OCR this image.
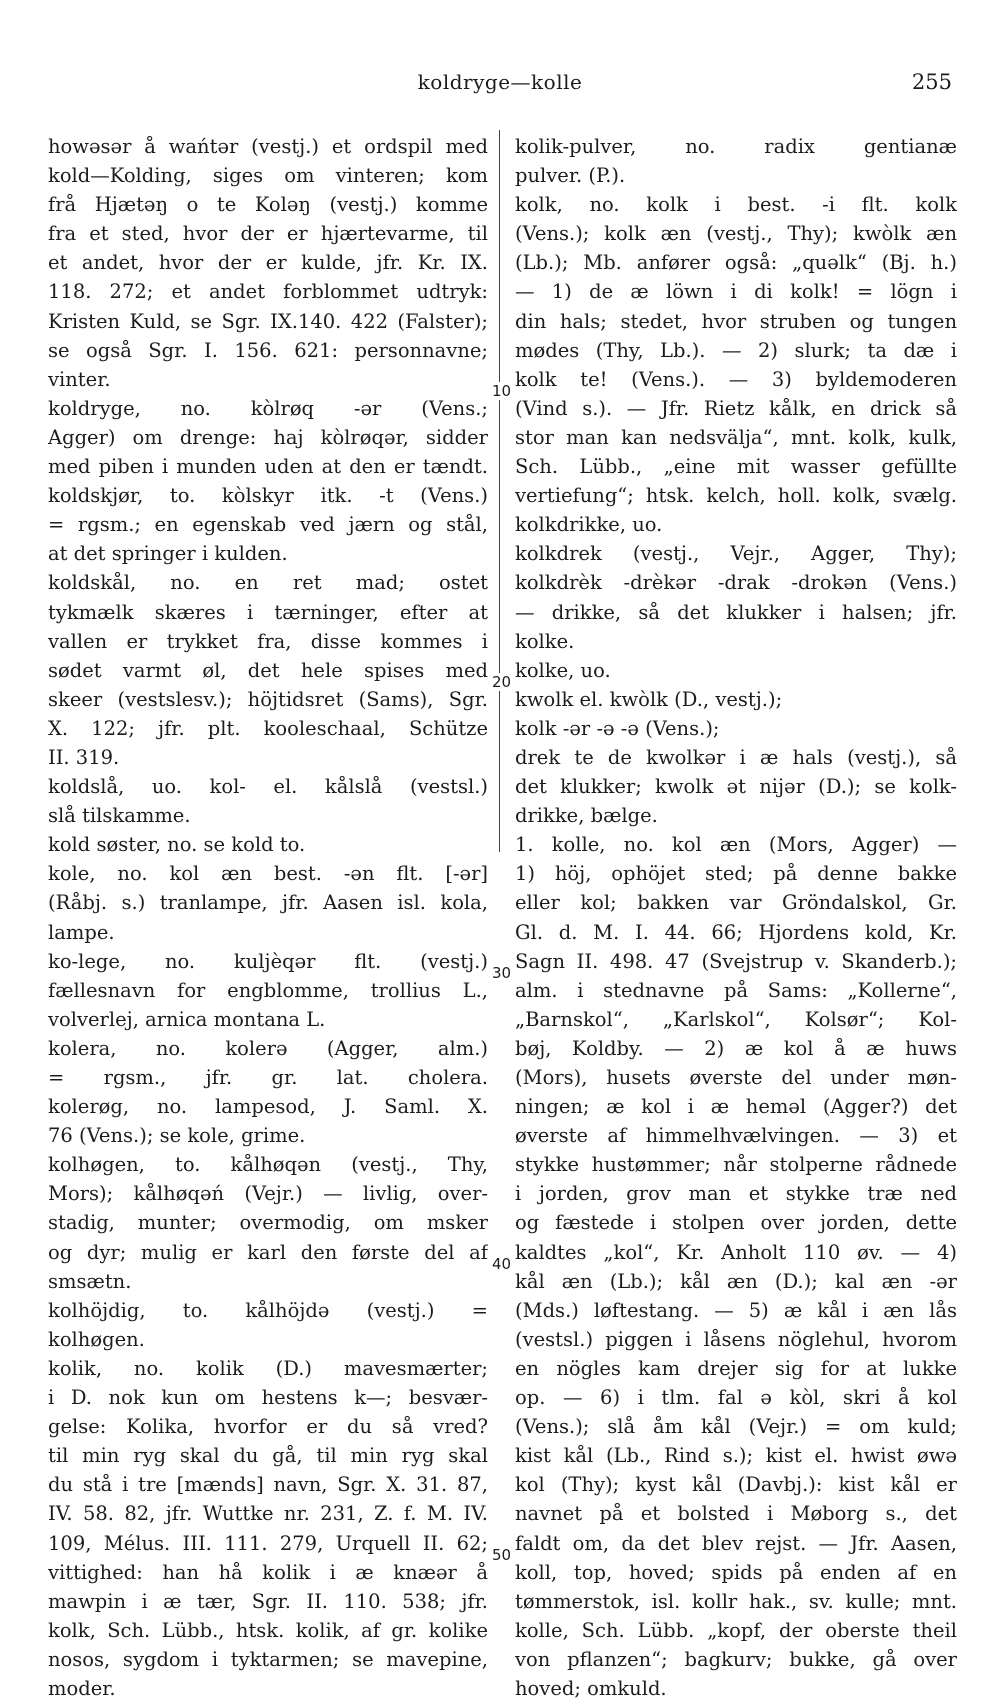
koldryge—kolle	255
10
20
30
40
50
howəsər å wańtər (vestj.) et ordspil med
kold—Kolding, siges om vinteren; kom
frå Hjætəŋ o te Koləŋ (vestj.) komme
fra et sted, hvor der er hjærtevarme, til
et andet, hvor der er kulde, jfr. Kr. IX.
118. 272; et andet forblommet udtryk:
Kristen Kuld, se Sgr. IX.140. 422 (Falster);
se også Sgr. I. 156. 621: personnavne;
vinter.
koldryge, no. kòlrøq -ər (Vens.;
Agger) om drenge: haj kòlrøqər, sidder
med piben i munden uden at den er tændt.
koldskjør, to. kòlskyr itk. -t (Vens.)
= rgsm.; en egenskab ved jærn og stål,
at det springer i kulden.
koldskål, no. en ret mad; ostet
tykmælk skæres i tærninger, efter at
vallen er trykket fra, disse kommes i
sødet varmt øl, det hele spises med
skeer (vestslesv.); höjtidsret (Sams), Sgr.
X. 122; jfr. plt. kooleschaal, Schütze
II. 319.
koldslå, uo. kol- el. kålslå (vestsl.)
slå tilskamme.
kold søster, no. se kold to.
kole, no. kol æn best. -ən flt. [-ər]
(Råbj. s.) tranlampe, jfr. Aasen isl. kola,
lampe.
ko-lege, no. kuljèqər flt. (vestj.)
fællesnavn for engblomme, trollius L.,
volverlej, arnica montana L.
kolera, no. kolerə (Agger, alm.)
= rgsm., jfr. gr. lat. cholera.
kolerøg, no. lampesod, J. Saml. X.
76 (Vens.); se kole, grime.
kolhøgen, to. kålhøqən (vestj., Thy,
Mors); kålhøqəń (Vejr.) — livlig, over-
stadig, munter; overmodig, om msker
og dyr; mulig er karl den første del af
smsætn.
kolhöjdig, to. kålhöjdə (vestj.) =
kolhøgen.
kolik, no. kolik (D.) mavesmærter;
i D. nok kun om hestens k—; besvær-
gelse: Kolika, hvorfor er du så vred?
til min ryg skal du gå, til min ryg skal
du stå i tre [mænds] navn, Sgr. X. 31. 87,
IV. 58. 82, jfr. Wuttke nr. 231, Z. f. M. IV.
109, Mélus. III. 111. 279, Urquell II. 62;
vittighed: han hå kolik i æ knæər å
mawpin i æ tær, Sgr. II. 110. 538; jfr.
kolk, Sch. Lübb., htsk. kolik, af gr. kolike
nosos, sygdom i tyktarmen; se mavepine,
moder.
kolik-pulver, no. radix gentianæ
pulver. (P.).
kolk, no. kolk i best. -i flt. kolk
(Vens.); kolk æn (vestj., Thy); kwòlk æn
(Lb.); Mb. anfører også: „quəlk“ (Bj. h.)
— 1) de æ löwn i di kolk! = lögn i
din hals; stedet, hvor struben og tungen
mødes (Thy, Lb.). — 2) slurk; ta dæ i
kolk te! (Vens.). — 3) byldemoderen
(Vind s.). — Jfr. Rietz kålk, en drick så
stor man kan nedsvälja“, mnt. kolk, kulk,
Sch. Lübb., „eine mit wasser gefüllte
vertiefung“; htsk. kelch, holl. kolk, svælg.
kolkdrikke, uo.
kolkdrek (vestj., Vejr., Agger, Thy);
kolkdrèk -drèkər -drak -drokən (Vens.)
— drikke, så det klukker i halsen; jfr.
kolke.
kolke, uo.
kwolk el. kwòlk (D., vestj.);
kolk -ər -ə -ə (Vens.);
drek te de kwolkər i æ hals (vestj.), så
det klukker; kwolk ət nijər (D.); se kolk-
drikke, bælge.
1. kolle, no. kol æn (Mors, Agger) —
1) höj, ophöjet sted; på denne bakke
eller kol; bakken var Gröndalskol, Gr.
Gl. d. M. I. 44. 66; Hjordens kold, Kr.
Sagn II. 498. 47 (Svejstrup v. Skanderb.);
alm. i stednavne på Sams: „Kollerne“,
„Barnskol“, „Karlskol“, Kolsør“; Kol-
bøj, Koldby. — 2) æ kol å æ huws
(Mors), husets øverste del under møn-
ningen; æ kol i æ heməl (Agger?) det
øverste af himmelhvælvingen. — 3) et
stykke hustømmer; når stolperne rådnede
i jorden, grov man et stykke træ ned
og fæstede i stolpen over jorden, dette
kaldtes „kol“, Kr. Anholt 110 øv. — 4)
kål æn (Lb.); kål æn (D.); kal æn -ər
(Mds.) løftestang. — 5) æ kål i æn lås
(vestsl.) piggen i låsens nöglehul, hvorom
en nögles kam drejer sig for at lukke
op. — 6) i tlm. fal ə kòl, skri å kol
(Vens.); slå åm kål (Vejr.) = om kuld;
kist kål (Lb., Rind s.); kist el. hwist øwə
kol (Thy); kyst kål (Davbj.): kist kål er
navnet på et bolsted i Møborg s., det
faldt om, da det blev rejst. — Jfr. Aasen,
koll, top, hoved; spids på enden af en
tømmerstok, isl. kollr hak., sv. kulle; mnt.
kolle, Sch. Lübb. „kopf, der oberste theil
von pflanzen“; bagkurv; bukke, gå over
hoved; omkuld.
